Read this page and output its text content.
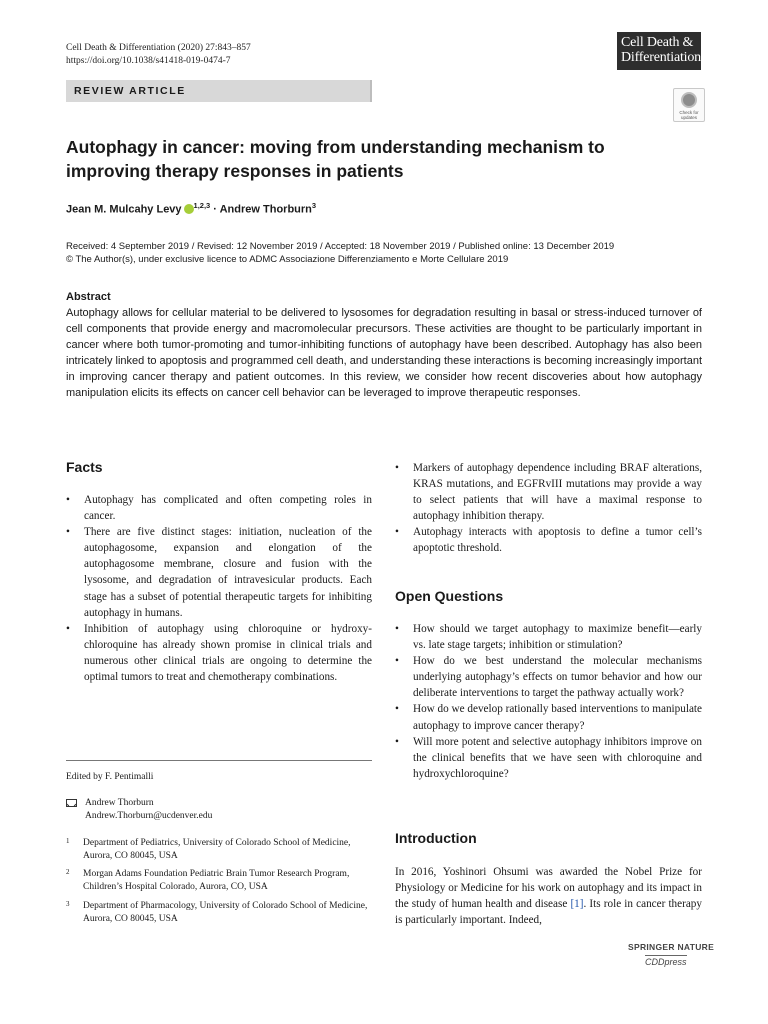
Cell Death & Differentiation (2020) 27:843–857
https://doi.org/10.1038/s41418-019-0474-7
Cell Death & Differentiation
REVIEW ARTICLE
Check for updates
Autophagy in cancer: moving from understanding mechanism to improving therapy responses in patients
Jean M. Mulcahy Levy $^{1,2,3}$ · Andrew Thorburn$^3$
Received: 4 September 2019 / Revised: 12 November 2019 / Accepted: 18 November 2019 / Published online: 13 December 2019
© The Author(s), under exclusive licence to ADMC Associazione Differenziamento e Morte Cellulare 2019
Abstract
Autophagy allows for cellular material to be delivered to lysosomes for degradation resulting in basal or stress-induced turnover of cell components that provide energy and macromolecular precursors. These activities are thought to be particularly important in cancer where both tumor-promoting and tumor-inhibiting functions of autophagy have been described. Autophagy has also been intricately linked to apoptosis and programmed cell death, and understanding these interactions is becoming increasingly important in improving cancer therapy and patient outcomes. In this review, we consider how recent discoveries about how autophagy manipulation elicits its effects on cancer cell behavior can be leveraged to improve therapeutic responses.
Facts
• Autophagy has complicated and often competing roles in cancer.
• There are five distinct stages: initiation, nucleation of the autophagosome, expansion and elongation of the autophagosome membrane, closure and fusion with the lysosome, and degradation of intravesicular products. Each stage has a subset of potential therapeutic targets for inhibiting autophagy in humans.
• Inhibition of autophagy using chloroquine or hydroxy-chloroquine has already shown promise in clinical trials and numerous other clinical trials are ongoing to determine the optimal tumors to treat and chemotherapy combinations.
Edited by F. Pentimalli
Andrew Thorburn
Andrew.Thorburn@ucdenver.edu
1 Department of Pediatrics, University of Colorado School of Medicine, Aurora, CO 80045, USA
2 Morgan Adams Foundation Pediatric Brain Tumor Research Program, Children’s Hospital Colorado, Aurora, CO, USA
3 Department of Pharmacology, University of Colorado School of Medicine, Aurora, CO 80045, USA
• Markers of autophagy dependence including BRAF alterations, KRAS mutations, and EGFRvIII mutations may provide a way to select patients that will have a maximal response to autophagy inhibition therapy.
• Autophagy interacts with apoptosis to define a tumor cell’s apoptotic threshold.
Open Questions
• How should we target autophagy to maximize benefit—early vs. late stage targets; inhibition or stimulation?
• How do we best understand the molecular mechanisms underlying autophagy’s effects on tumor behavior and how our deliberate interventions to target the pathway actually work?
• How do we develop rationally based interventions to manipulate autophagy to improve cancer therapy?
• Will more potent and selective autophagy inhibitors improve on the clinical benefits that we have seen with chloroquine and hydroxychloroquine?
Introduction
In 2016, Yoshinori Ohsumi was awarded the Nobel Prize for Physiology or Medicine for his work on autophagy and its impact in the study of human health and disease [1]. Its role in cancer therapy is particularly important. Indeed,
SPRINGER NATURE
CDDpress
